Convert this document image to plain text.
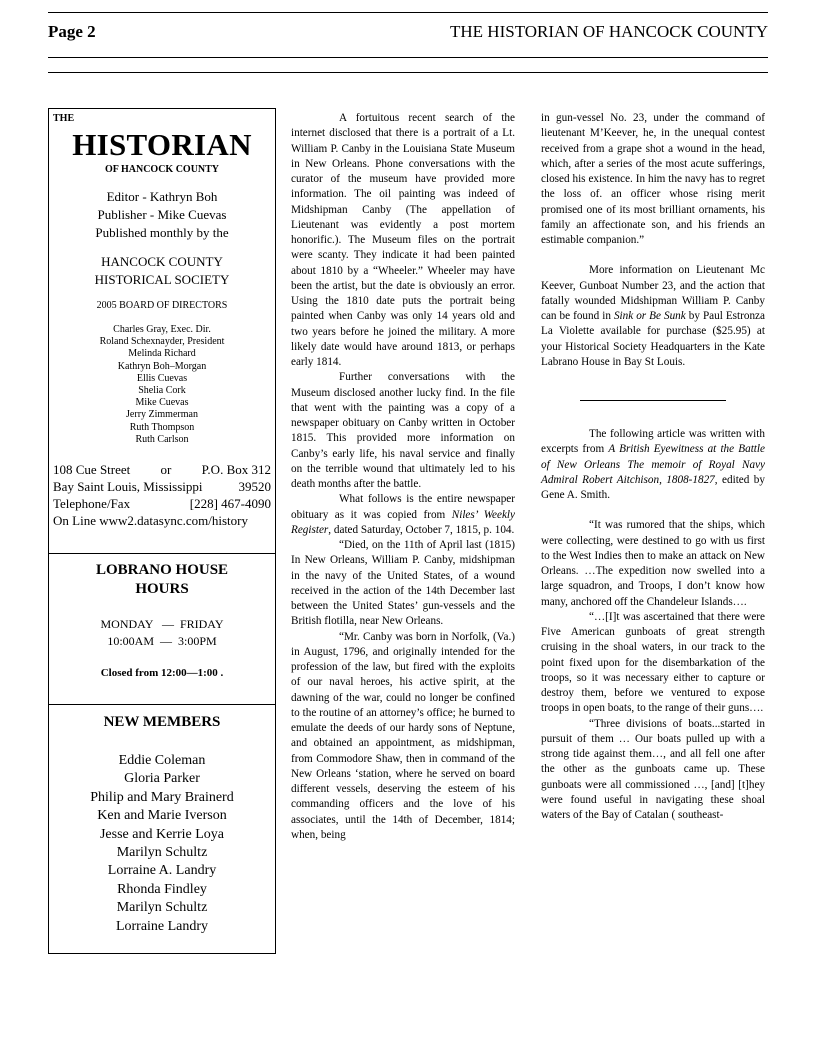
Page 2	THE HISTORIAN OF HANCOCK COUNTY
THE
HISTORIAN
OF HANCOCK COUNTY
Editor - Kathryn Boh
Publisher - Mike Cuevas
Published monthly by the
HANCOCK COUNTY
HISTORICAL SOCIETY
2005 BOARD OF DIRECTORS
Charles Gray, Exec. Dir.
Roland Schexnayder, President
Melinda Richard
Kathryn Boh–Morgan
Ellis Cuevas
Shelia Cork
Mike Cuevas
Jerry Zimmerman
Ruth Thompson
Ruth Carlson
108 Cue Street or P.O. Box 312
Bay Saint Louis, Mississippi	39520
Telephone/Fax	[228] 467-4090
On Line www2.datasync.com/history
LOBRANO HOUSE
HOURS
MONDAY   —  FRIDAY
10:00AM  —  3:00PM
Closed from 12:00—1:00 .
NEW MEMBERS
Eddie Coleman
Gloria Parker
Philip and Mary Brainerd
Ken and Marie Iverson
Jesse and Kerrie Loya
Marilyn Schultz
Lorraine A. Landry
Rhonda Findley
Marilyn Schultz
Lorraine Landry

A fortuitous recent search of the internet disclosed that there is a portrait of a Lt. William P. Canby in the Louisiana State Museum in New Orleans. Phone conversations with the curator of the museum have provided more information. The oil painting was indeed of Midshipman Canby (The appellation of Lieutenant was evidently a post mortem honorific.). The Museum files on the portrait were scanty. They indicate it had been painted about 1810 by a “Wheeler.” Wheeler may have been the artist, but the date is obviously an error. Using the 1810 date puts the portrait being painted when Canby was only 14 years old and two years before he joined the military. A more likely date would have around 1813, or perhaps early 1814.

Further conversations with the Museum disclosed another lucky find. In the file that went with the painting was a copy of a newspaper obituary on Canby written in October 1815. This provided more information on Canby’s early life, his naval service and finally on the terrible wound that ultimately led to his death months after the battle.

What follows is the entire newspaper obituary as it was copied from Niles’ Weekly Register, dated Saturday, October 7, 1815, p. 104.

“Died, on the 11th of April last (1815) In New Orleans, William P. Canby, midshipman in the navy of the United States, of a wound received in the action of the 14th December last between the United States’ gun-vessels and the British flotilla, near New Orleans.

“Mr. Canby was born in Norfolk, (Va.) in August, 1796, and originally intended for the profession of the law, but fired with the exploits of our naval heroes, his active spirit, at the dawning of the war, could no longer be confined to the routine of an attorney’s office; he burned to emulate the deeds of our hardy sons of Neptune, and obtained an appointment, as midshipman, from Commodore Shaw, then in command of the New Orleans ‘station, where he served on board different vessels, deserving the esteem of his commanding officers and the love of his associates, until the 14th of December, 1814; when, being

in gun-vessel No. 23, under the command of lieutenant M’Keever, he, in the unequal contest received from a grape shot a wound in the head, which, after a series of the most acute sufferings, closed his existence. In him the navy has to regret the loss of. an officer whose rising merit promised one of its most brilliant ornaments, his family an affectionate son, and his friends an estimable companion.”

More information on Lieutenant Mc Keever, Gunboat Number 23, and the action that fatally wounded Midshipman William P. Canby can be found in Sink or Be Sunk by Paul Estronza La Violette available for purchase ($25.95) at your Historical Society Headquarters in the Kate Labrano House in Bay St Louis.

The following article was written with excerpts from A British Eyewitness at the Battle of New Orleans The memoir of Royal Navy Admiral Robert Aitchison, 1808-1827, edited by Gene A. Smith.

“It was rumored that the ships, which were collecting, were destined to go with us first to the West Indies then to make an attack on New Orleans. …The expedition now swelled into a large squadron, and Troops, I don’t know how many, anchored off the Chandeleur Islands….

“…[I]t was ascertained that there were Five American gunboats of great strength cruising in the shoal waters, in our track to the point fixed upon for the disembarkation of the troops, so it was necessary either to capture or destroy them, before we ventured to expose troops in open boats, to the range of their guns….

“Three divisions of boats...started in pursuit of them … Our boats pulled up with a strong tide against them…, and all fell one after the other as the gunboats came up. These gunboats were all commissioned …, [and] [t]hey were found useful in navigating these shoal waters of the Bay of Catalan ( southeast-
